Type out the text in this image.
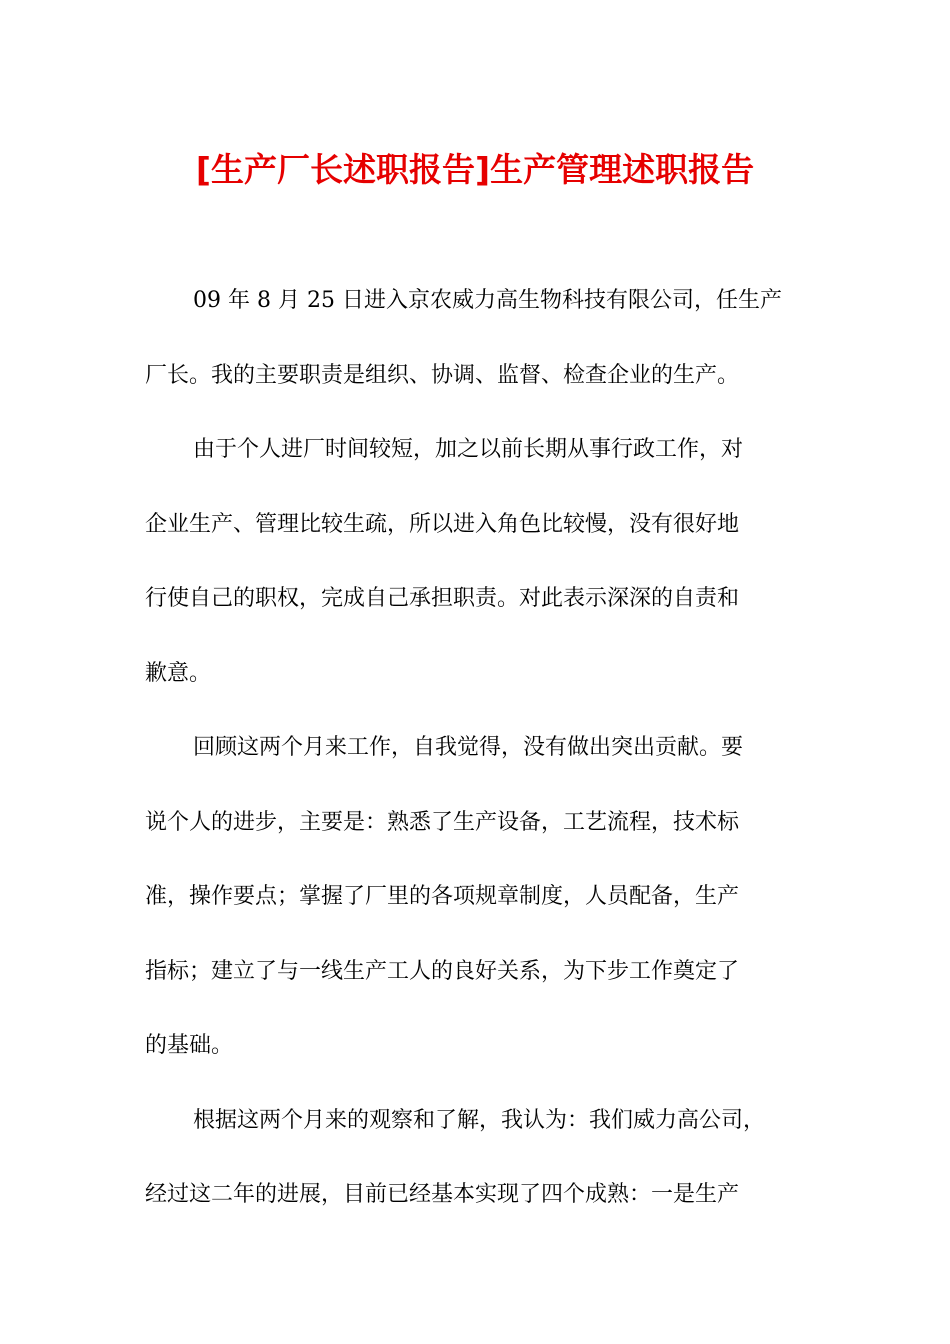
[生产厂长述职报告]生产管理述职报告
09 年 8 月 25 日进入京农威力高生物科技有限公司，任生产
厂长。我的主要职责是组织、协调、监督、检查企业的生产。
由于个人进厂时间较短，加之以前长期从事行政工作，对
企业生产、管理比较生疏，所以进入角色比较慢，没有很好地
行使自己的职权，完成自己承担职责。对此表示深深的自责和
歉意。
回顾这两个月来工作，自我觉得，没有做出突出贡献。要
说个人的进步，主要是：熟悉了生产设备，工艺流程，技术标
准，操作要点；掌握了厂里的各项规章制度，人员配备，生产
指标；建立了与一线生产工人的良好关系，为下步工作奠定了
的基础。
根据这两个月来的观察和了解，我认为：我们威力高公司，
经过这二年的进展，目前已经基本实现了四个成熟：一是生产
